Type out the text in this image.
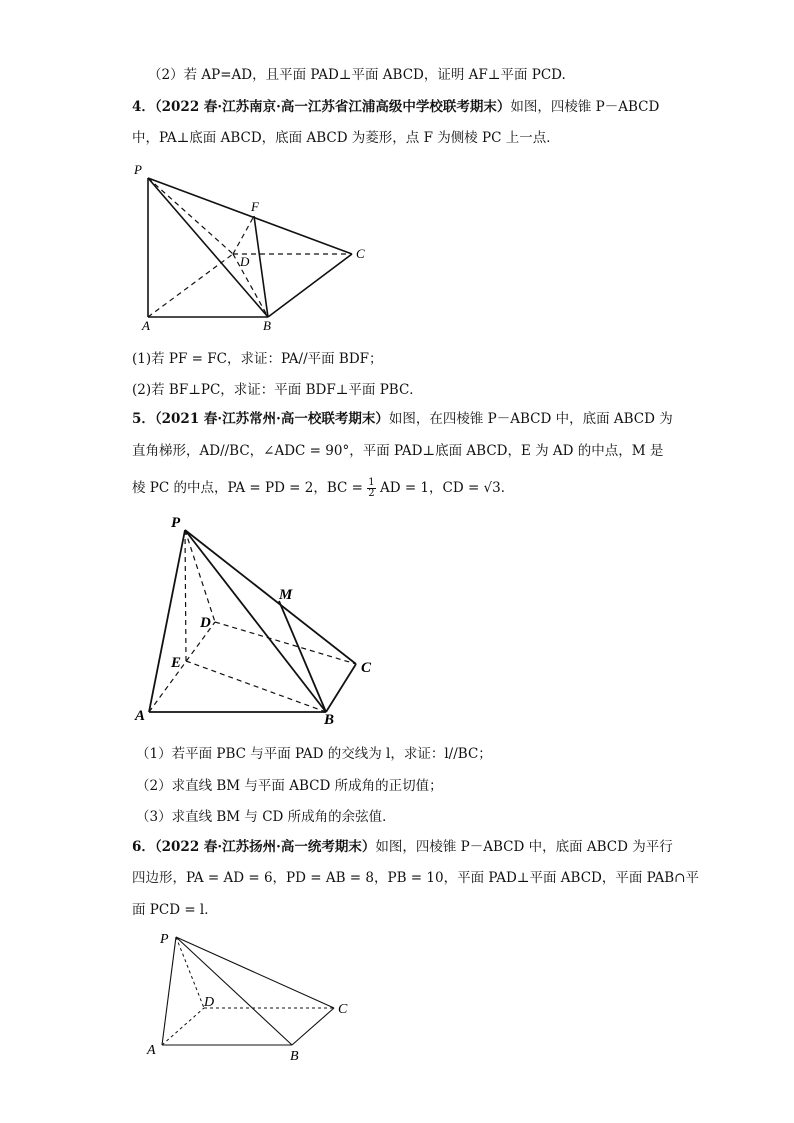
（2）若 AP=AD，且平面 PAD⊥平面 ABCD，证明 AF⊥平面 PCD.
4．（2022 春·江苏南京·高一江苏省江浦高级中学校联考期末）如图，四棱锥 P－ABCD
中，PA⊥底面 ABCD，底面 ABCD 为菱形，点 F 为侧棱 PC 上一点．
P
A	B
C
D
F
(1)若 PF = FC，求证：PA//平面 BDF；
(2)若 BF⊥PC，求证：平面 BDF⊥平面 PBC．
5．（2021 春·江苏常州·高一校联考期末）如图，在四棱锥 P－ABCD 中，底面 ABCD 为
直角梯形，AD//BC，∠ADC = 90°，平面 PAD⊥底面 ABCD，E 为 AD 的中点，M 是
棱 PC 的中点，PA = PD = 2，BC = $\frac{1}{2}$ AD = 1，CD = √3．
P
M
D
E	C
A	B
（1）若平面 PBC 与平面 PAD 的交线为 l，求证：l//BC；
（2）求直线 BM 与平面 ABCD 所成角的正切值；
（3）求直线 BM 与 CD 所成角的余弦值．
6．（2022 春·江苏扬州·高一统考期末）如图，四棱锥 P－ABCD 中，底面 ABCD 为平行
四边形，PA = AD = 6，PD = AB = 8，PB = 10，平面 PAD⊥平面 ABCD，平面 PAB∩平
面 PCD = l．
P
D	C
A	B
